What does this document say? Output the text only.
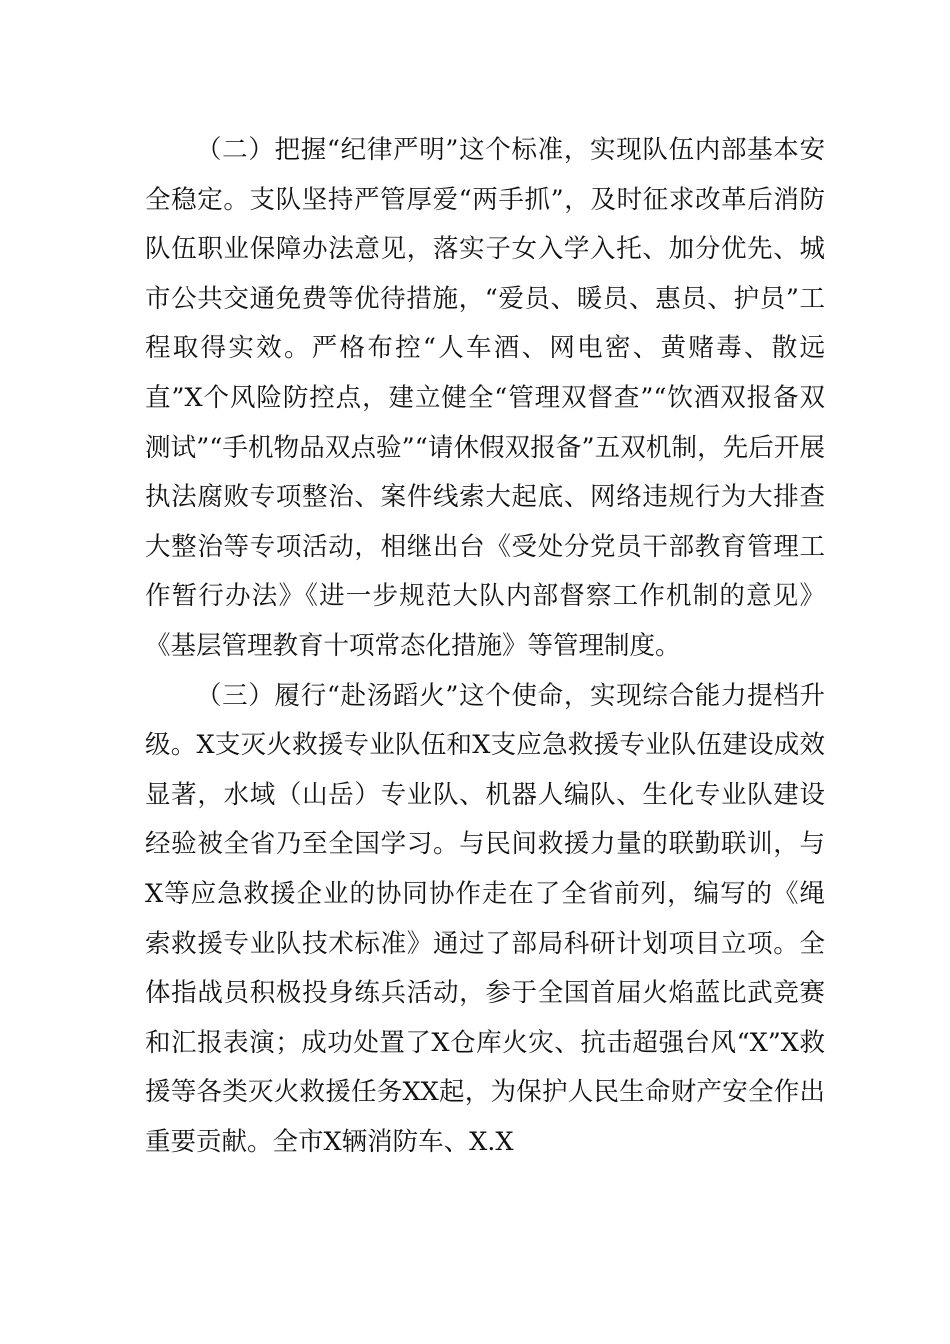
（二）把握“纪律严明”这个标准，实现队伍内部基本安全稳定。支队坚持严管厚爱“两手抓”，及时征求改革后消防队伍职业保障办法意见，落实子女入学入托、加分优先、城市公共交通免费等优待措施，“爱员、暖员、惠员、护员”工程取得实效。严格布控“人车酒、网电密、黄赌毒、散远直”X个风险防控点，建立健全“管理双督查”“饮酒双报备双测试”“手机物品双点验”“请休假双报备”五双机制，先后开展执法腐败专项整治、案件线索大起底、网络违规行为大排查大整治等专项活动，相继出台《受处分党员干部教育管理工作暂行办法》《进一步规范大队内部督察工作机制的意见》《基层管理教育十项常态化措施》等管理制度。

（三）履行“赴汤蹈火”这个使命，实现综合能力提档升级。X支灭火救援专业队伍和X支应急救援专业队伍建设成效显著，水域（山岳）专业队、机器人编队、生化专业队建设经验被全省乃至全国学习。与民间救援力量的联勤联训，与X等应急救援企业的协同协作走在了全省前列，编写的《绳索救援专业队技术标准》通过了部局科研计划项目立项。全体指战员积极投身练兵活动，参于全国首届火焰蓝比武竞赛和汇报表演；成功处置了X仓库火灾、抗击超强台风“X”X救援等各类灭火救援任务XX起，为保护人民生命财产安全作出重要贡献。全市X辆消防车、X.X
